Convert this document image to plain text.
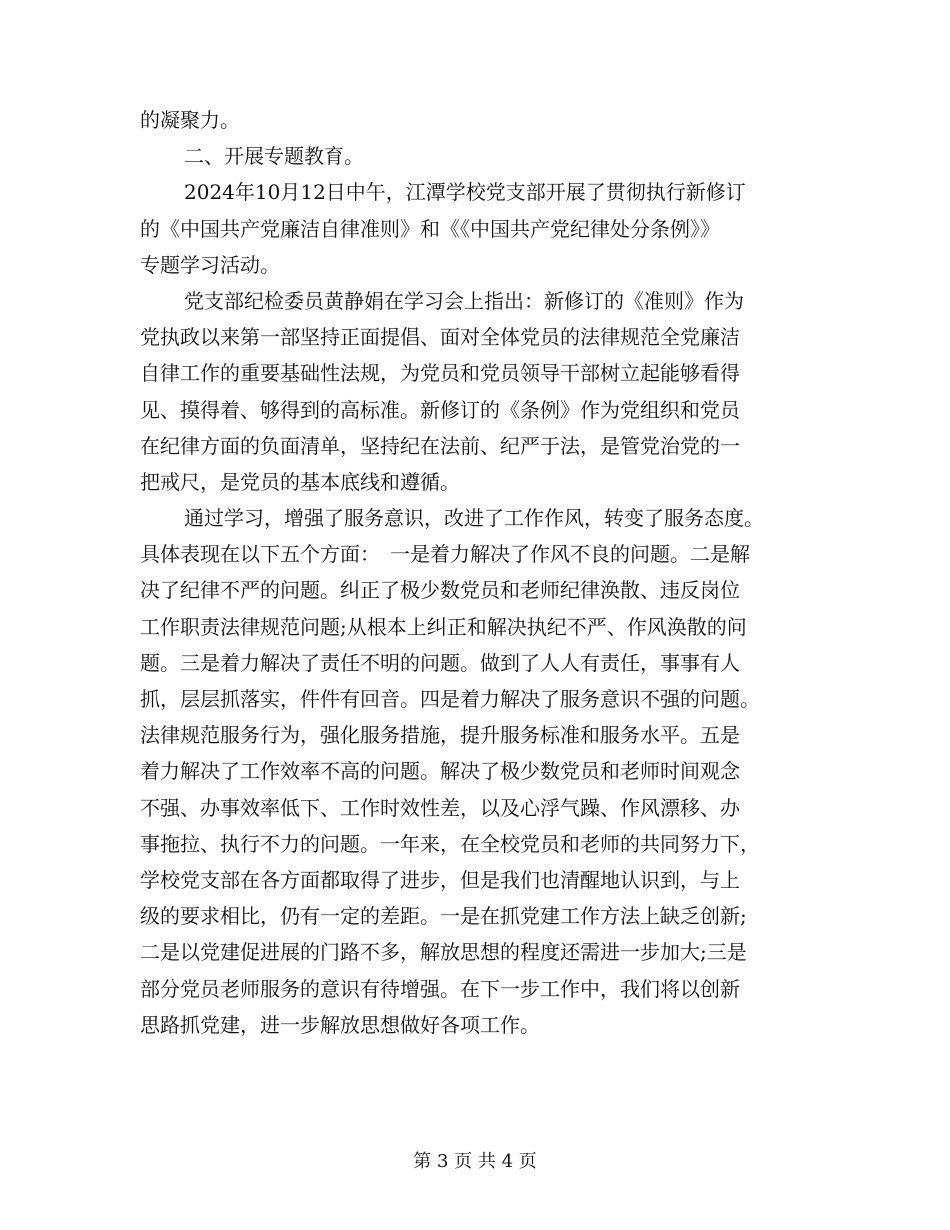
的凝聚力。
二、开展专题教育。
2024年10月12日中午，江潭学校党支部开展了贯彻执行新修订
的《中国共产党廉洁自律准则》和《《中国共产党纪律处分条例》》
专题学习活动。
党支部纪检委员黄静娟在学习会上指出：新修订的《准则》作为
党执政以来第一部坚持正面提倡、面对全体党员的法律规范全党廉洁
自律工作的重要基础性法规，为党员和党员领导干部树立起能够看得
见、摸得着、够得到的高标准。新修订的《条例》作为党组织和党员
在纪律方面的负面清单，坚持纪在法前、纪严于法，是管党治党的一
把戒尺，是党员的基本底线和遵循。
通过学习，增强了服务意识，改进了工作作风，转变了服务态度。
具体表现在以下五个方面：　一是着力解决了作风不良的问题。二是解
决了纪律不严的问题。纠正了极少数党员和老师纪律涣散、违反岗位
工作职责法律规范问题;从根本上纠正和解决执纪不严、作风涣散的问
题。三是着力解决了责任不明的问题。做到了人人有责任，事事有人
抓，层层抓落实，件件有回音。四是着力解决了服务意识不强的问题。
法律规范服务行为，强化服务措施，提升服务标准和服务水平。五是
着力解决了工作效率不高的问题。解决了极少数党员和老师时间观念
不强、办事效率低下、工作时效性差，以及心浮气躁、作风漂移、办
事拖拉、执行不力的问题。一年来，在全校党员和老师的共同努力下，
学校党支部在各方面都取得了进步，但是我们也清醒地认识到，与上
级的要求相比，仍有一定的差距。一是在抓党建工作方法上缺乏创新;
二是以党建促进展的门路不多，解放思想的程度还需进一步加大;三是
部分党员老师服务的意识有待增强。在下一步工作中，我们将以创新
思路抓党建，进一步解放思想做好各项工作。
第 3 页 共 4 页
